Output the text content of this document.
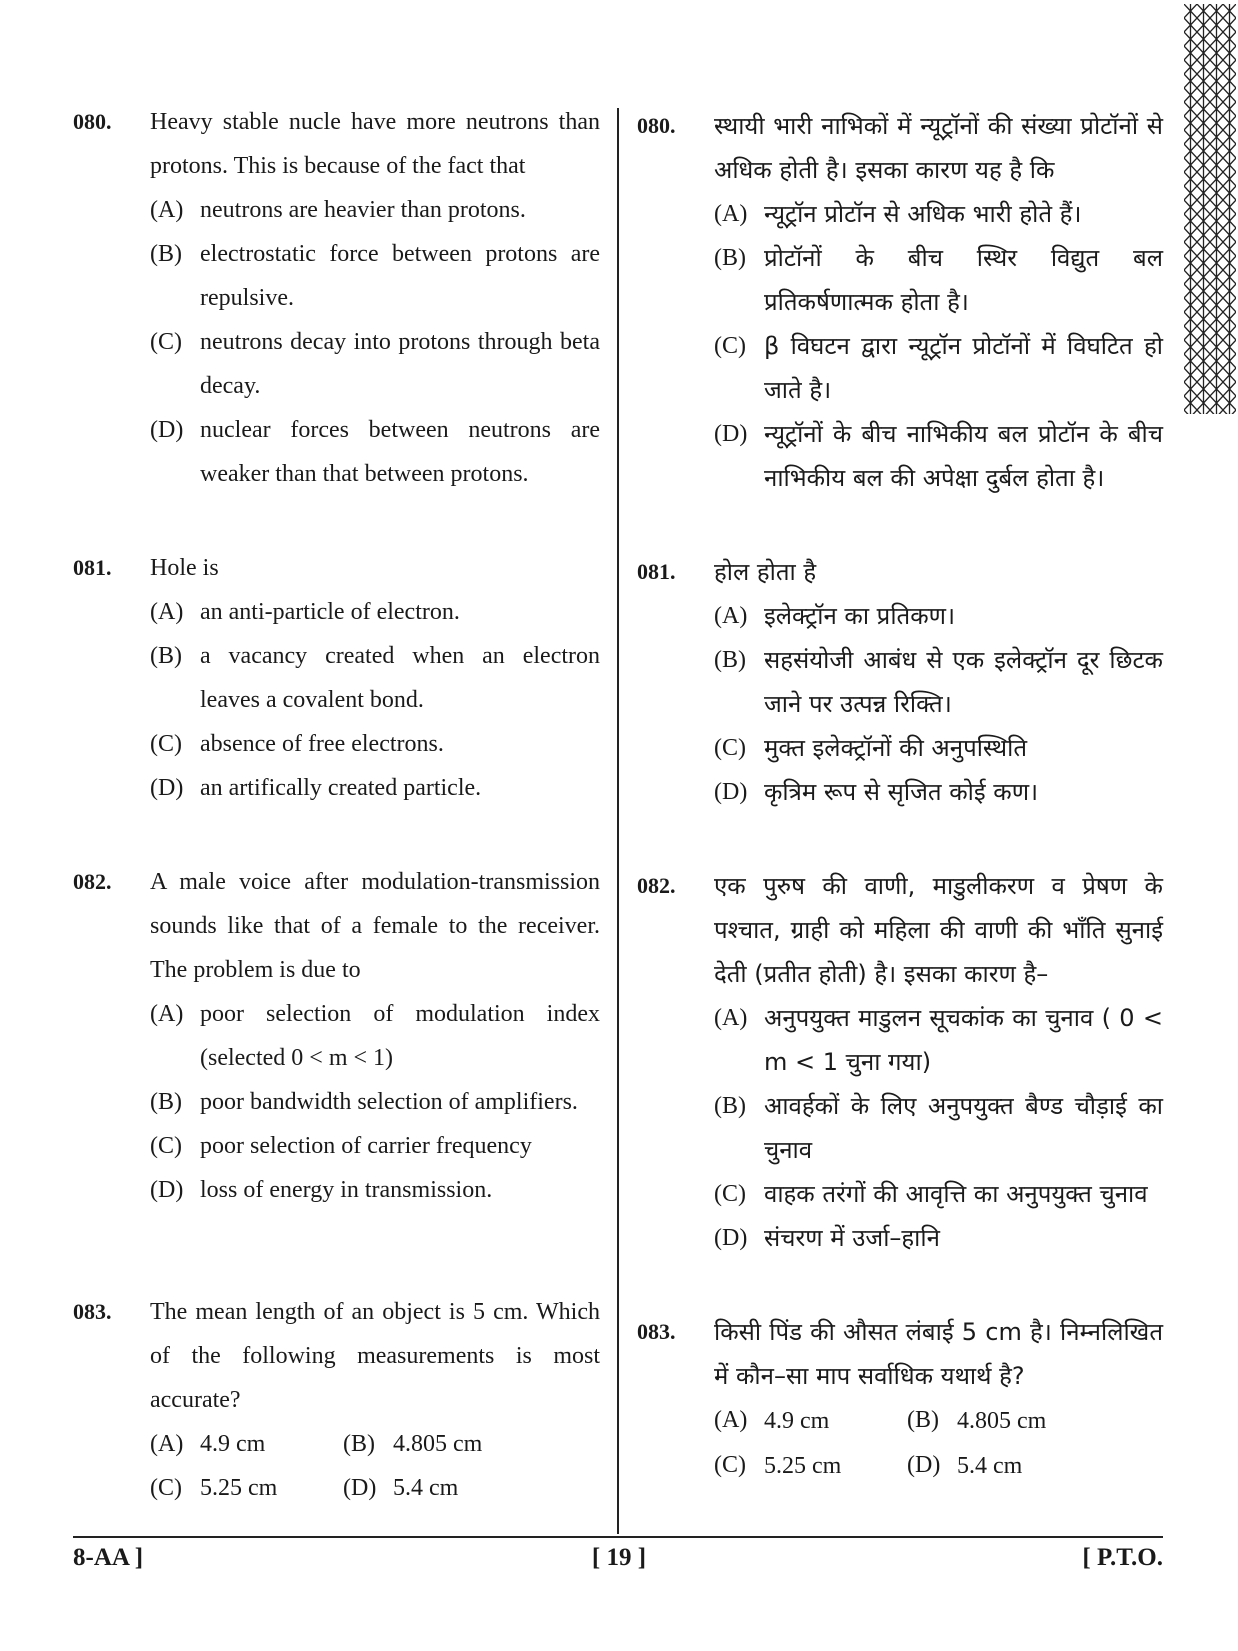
080. Heavy stable nucle have more neutrons than protons. This is because of the fact that
(A) neutrons are heavier than protons.
(B) electrostatic force between protons are repulsive.
(C) neutrons decay into protons through beta decay.
(D) nuclear forces between neutrons are weaker than that between protons.
081. Hole is
(A) an anti-particle of electron.
(B) a vacancy created when an electron leaves a covalent bond.
(C) absence of free electrons.
(D) an artifically created particle.
082. A male voice after modulation-transmission sounds like that of a female to the receiver. The problem is due to
(A) poor selection of modulation index (selected 0 < m < 1)
(B) poor bandwidth selection of amplifiers.
(C) poor selection of carrier frequency
(D) loss of energy in transmission.
083. The mean length of an object is 5 cm. Which of the following measurements is most accurate?
(A) 4.9 cm	(B) 4.805 cm
(C) 5.25 cm	(D) 5.4 cm
080. स्थायी भारी नाभिकों में न्यूट्रॉनों की संख्या प्रोटॉनों से अधिक होती है। इसका कारण यह है कि
(A) न्यूट्रॉन प्रोटॉन से अधिक भारी होते हैं।
(B) प्रोटॉनों के बीच स्थिर विद्युत बल प्रतिकर्षणात्मक होता है।
(C) β विघटन द्वारा न्यूट्रॉन प्रोटॉनों में विघटित हो जाते है।
(D) न्यूट्रॉनों के बीच नाभिकीय बल प्रोटॉन के बीच नाभिकीय बल की अपेक्षा दुर्बल होता है।
081. होल होता है
(A) इलेक्ट्रॉन का प्रतिकण।
(B) सहसंयोजी आबंध से एक इलेक्ट्रॉन दूर छिटक जाने पर उत्पन्न रिक्ति।
(C) मुक्त इलेक्ट्रॉनों की अनुपस्थिति
(D) कृत्रिम रूप से सृजित कोई कण।
082. एक पुरुष की वाणी, माडुलीकरण व प्रेषण के पश्चात, ग्राही को महिला की वाणी की भाँति सुनाई देती (प्रतीत होती) है। इसका कारण है–
(A) अनुपयुक्त माडुलन सूचकांक का चुनाव ( 0 < m < 1 चुना गया)
(B) आवर्हकों के लिए अनुपयुक्त बैण्ड चौड़ाई का चुनाव
(C) वाहक तरंगों की आवृत्ति का अनुपयुक्त चुनाव
(D) संचरण में उर्जा–हानि
083. किसी पिंड की औसत लंबाई 5 cm है। निम्नलिखित में कौन–सा माप सर्वाधिक यथार्थ है?
(A) 4.9 cm	(B) 4.805 cm
(C) 5.25 cm	(D) 5.4 cm
8-AA ]	[ 19 ]	[ P.T.O.
